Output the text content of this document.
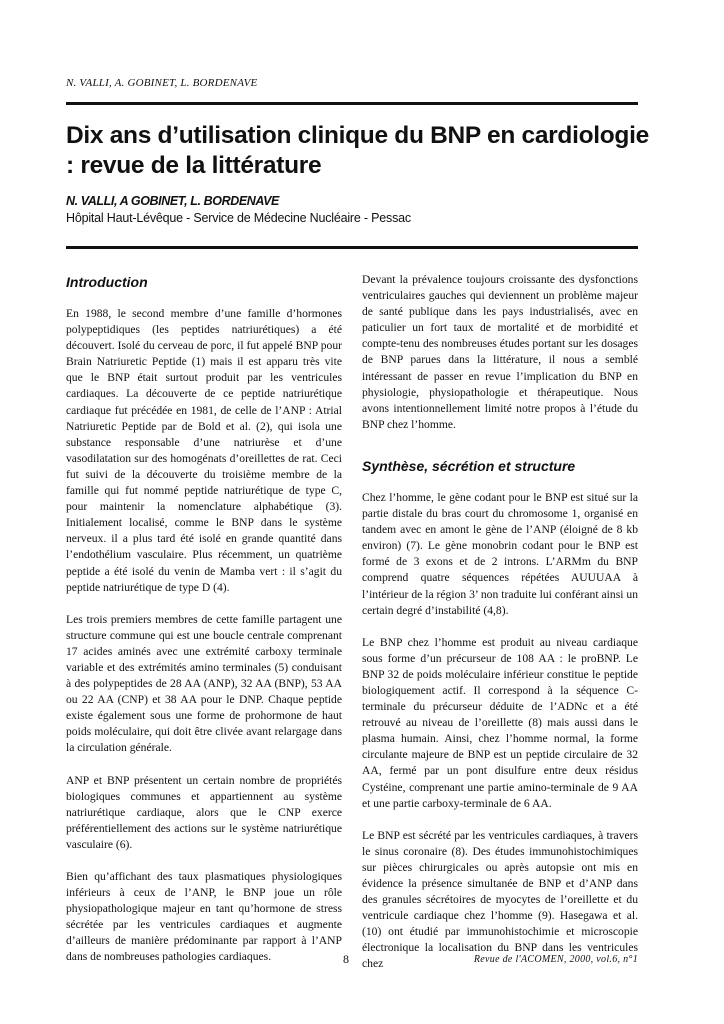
N. VALLI, A. GOBINET, L. BORDENAVE
Dix ans d’utilisation clinique du BNP en cardiologie : revue de la littérature
N. VALLI, A GOBINET, L. BORDENAVE
Hôpital Haut-Lévêque - Service de Médecine Nucléaire - Pessac
Introduction

En 1988, le second membre d’une famille d’hormones polypeptidiques (les peptides natriurétiques) a été découvert. Isolé du cerveau de porc, il fut appelé BNP pour Brain Natriuretic Peptide (1) mais il est apparu très vite que le BNP était surtout produit par les ventricules cardiaques. La découverte de ce peptide natriurétique cardiaque fut précédée en 1981, de celle de l’ANP : Atrial Natriuretic Peptide par de Bold et al. (2), qui isola une substance responsable d’une natriurèse et d’une vasodilatation sur des homogénats d’oreillettes de rat. Ceci fut suivi de la découverte du troisième membre de la famille qui fut nommé peptide natriurétique de type C, pour maintenir la nomenclature alphabétique (3). Initialement localisé, comme le BNP dans le système nerveux. il a plus tard été isolé en grande quantité dans l’endothélium vasculaire. Plus récemment, un quatrième peptide a été isolé du venin de Mamba vert : il s’agit du peptide natriurétique de type D (4).

Les trois premiers membres de cette famille partagent une structure commune qui est une boucle centrale comprenant 17 acides aminés avec une extrémité carboxy terminale variable et des extrémités amino terminales (5) conduisant à des polypeptides de 28 AA (ANP), 32 AA (BNP), 53 AA ou 22 AA (CNP) et 38 AA pour le DNP. Chaque peptide existe également sous une forme de prohormone de haut poids moléculaire, qui doit être clivée avant relargage dans la circulation générale.

ANP et BNP présentent un certain nombre de propriétés biologiques communes et appartiennent au système natriurétique cardiaque, alors que le CNP exerce préférentiellement des actions sur le système natriurétique vasculaire (6).

Bien qu’affichant des taux plasmatiques physiologiques inférieurs à ceux de l’ANP, le BNP joue un rôle physiopathologique majeur en tant qu’hormone de stress sécrétée par les ventricules cardiaques et augmente d’ailleurs de manière prédominante par rapport à l’ANP dans de nombreuses pathologies cardiaques.

Devant la prévalence toujours croissante des dysfonctions ventriculaires gauches qui deviennent un problème majeur de santé publique dans les pays industrialisés, avec en paticulier un fort taux de mortalité et de morbidité et compte-tenu des nombreuses études portant sur les dosages de BNP parues dans la littérature, il nous a semblé intéressant de passer en revue l’implication du BNP en physiologie, physiopathologie et thérapeutique. Nous avons intentionnellement limité notre propos à l’étude du BNP chez l’homme.

Synthèse, sécrétion et structure

Chez l’homme, le gène codant pour le BNP est situé sur la partie distale du bras court du chromosome 1, organisé en tandem avec en amont le gène de l’ANP (éloigné de 8 kb environ) (7). Le gène monobrin codant pour le BNP est formé de 3 exons et de 2 introns. L’ARMm du BNP comprend quatre séquences répétées AUUUAA à l’intérieur de la région 3’ non traduite lui conférant ainsi un certain degré d’instabilité (4,8).

Le BNP chez l’homme est produit au niveau cardiaque sous forme d’un précurseur de 108 AA : le proBNP. Le BNP 32 de poids moléculaire inférieur constitue le peptide biologiquement actif. Il correspond à la séquence C-terminale du précurseur déduite de l’ADNc et a été retrouvé au niveau de l’oreillette (8) mais aussi dans le plasma humain. Ainsi, chez l’homme normal, la forme circulante majeure de BNP est un peptide circulaire de 32 AA, fermé par un pont disulfure entre deux résidus Cystéine, comprenant une partie amino-terminale de 9 AA et une partie carboxy-terminale de 6 AA.

Le BNP est sécrété par les ventricules cardiaques, à travers le sinus coronaire (8). Des études immunohistochimiques sur pièces chirurgicales ou après autopsie ont mis en évidence la présence simultanée de BNP et d’ANP dans des granules sécrétoires de myocytes de l’oreillette et du ventricule cardiaque chez l’homme (9). Hasegawa et al. (10) ont étudié par immunohistochimie et microscopie électronique la localisation du BNP dans les ventricules chez

8	Revue de l'ACOMEN, 2000, vol.6, n°1
